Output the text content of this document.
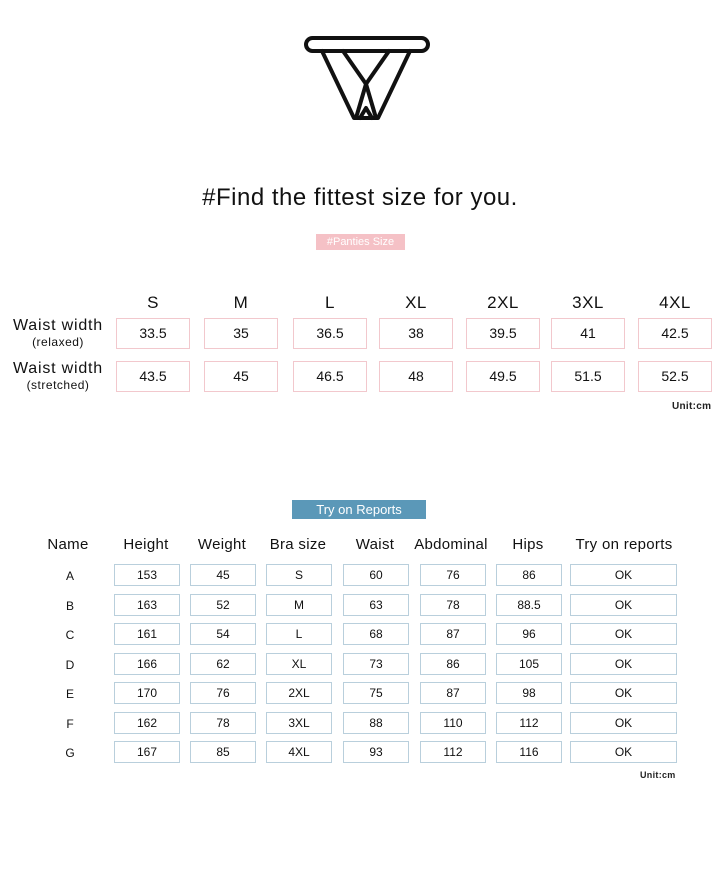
#Find the fittest size for you.
#Panties Size
S	M	L	XL	2XL	3XL	4XL
Waist width
(relaxed)
33.5	35	36.5	38	39.5	41	42.5
Waist width
(stretched)
43.5	45	46.5	48	49.5	51.5	52.5
Unit:cm
Try on Reports
Name	Height	Weight	Bra size	Waist	Abdominal	Hips	Try on reports
A	153	45	S	60	76	86	OK
B	163	52	M	63	78	88.5	OK
C	161	54	L	68	87	96	OK
D	166	62	XL	73	86	105	OK
E	170	76	2XL	75	87	98	OK
F	162	78	3XL	88	110	112	OK
G	167	85	4XL	93	112	116	OK
Unit:cm
